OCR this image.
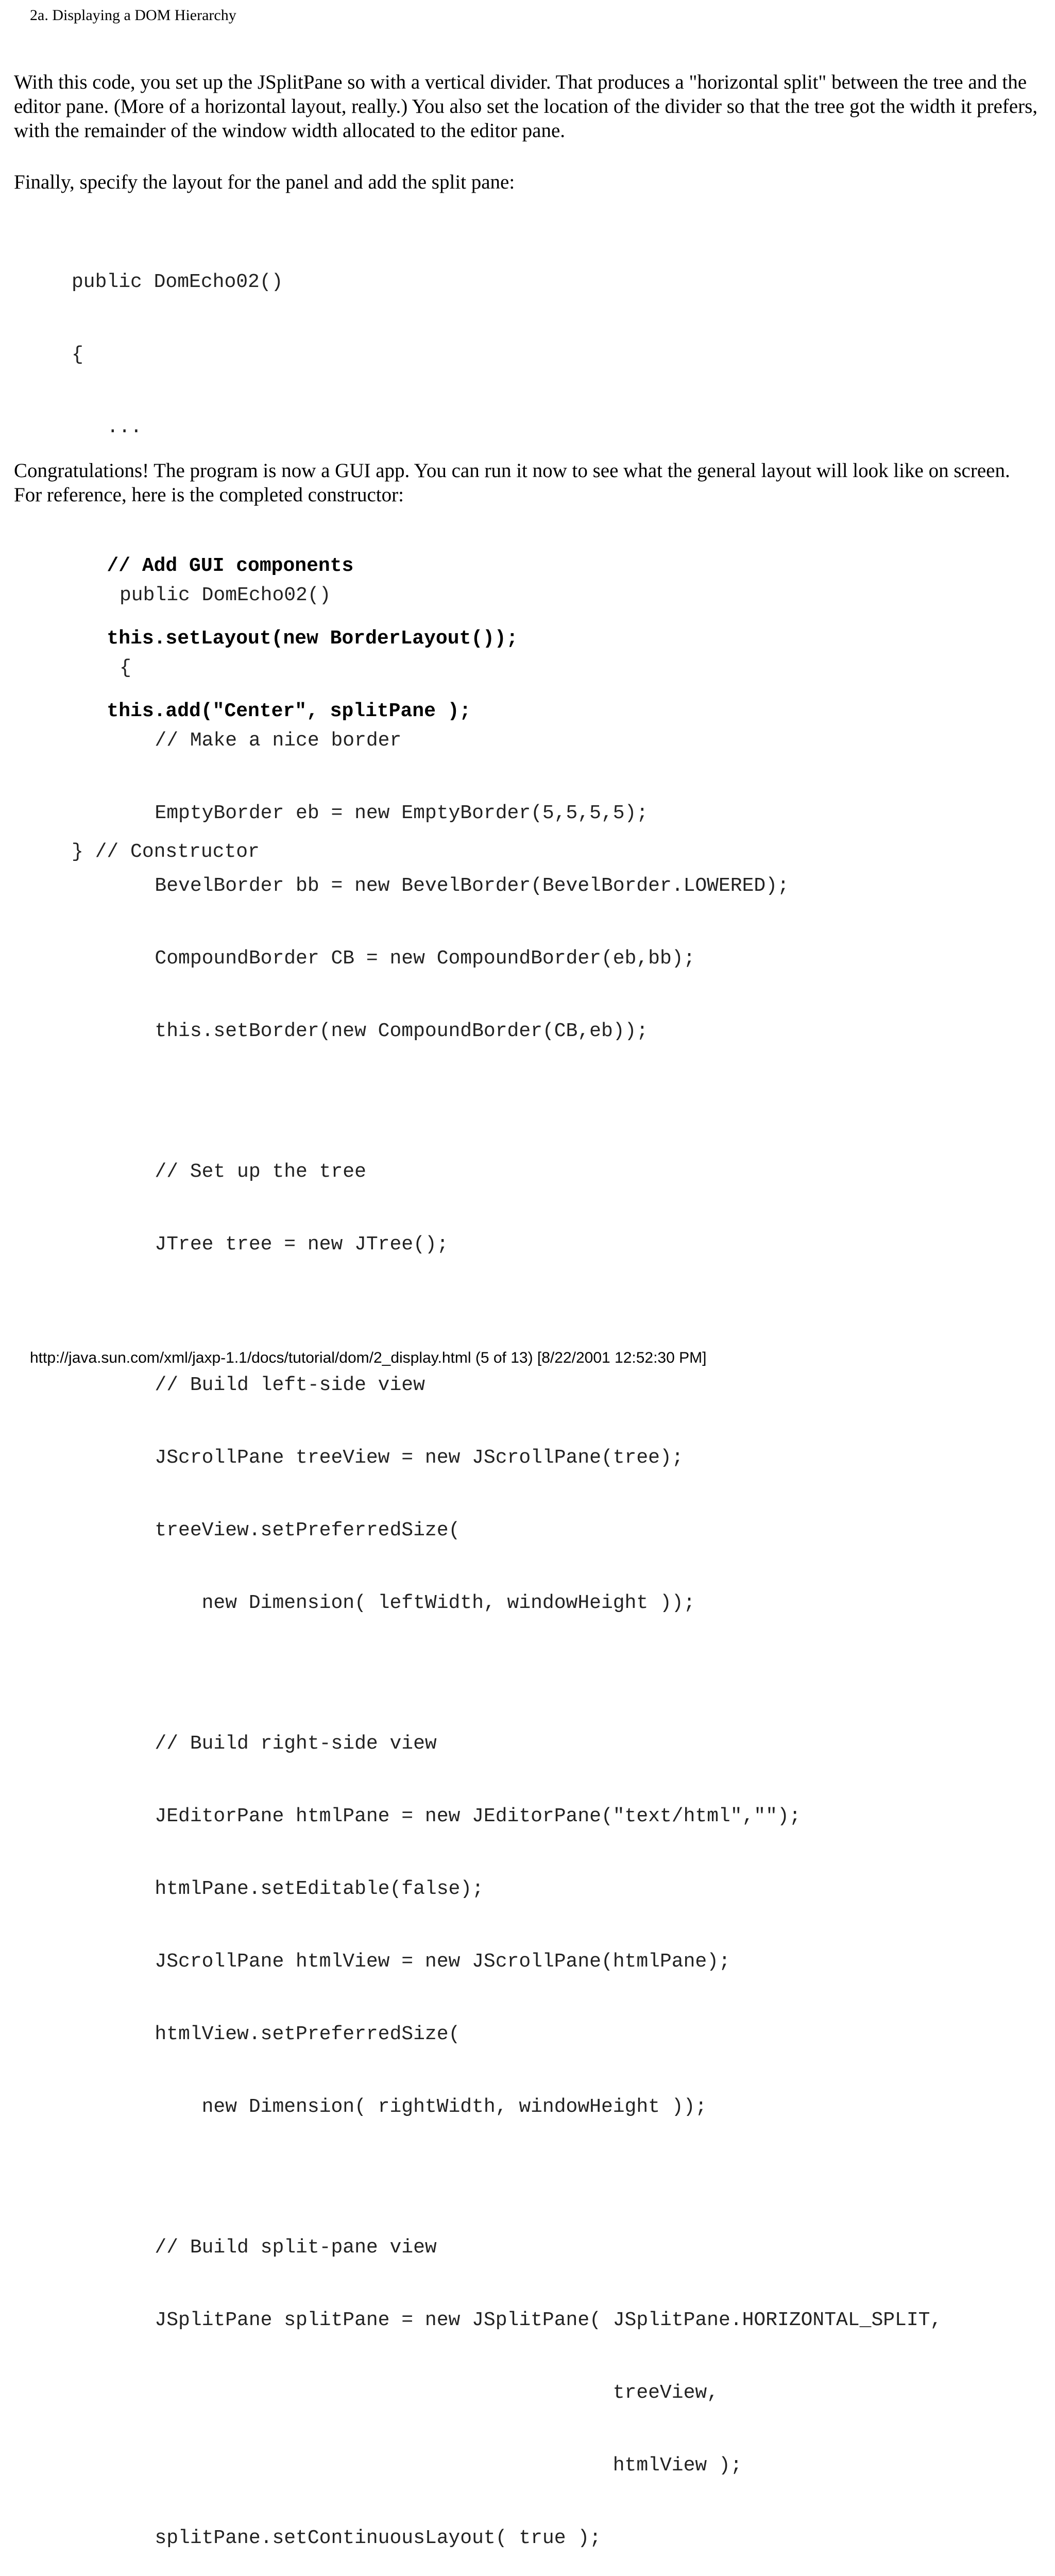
2a. Displaying a DOM Hierarchy

With this code, you set up the JSplitPane so with a vertical divider. That produces a "horizontal split" between the tree and the editor pane. (More of a horizontal layout, really.) You also set the location of the divider so that the tree got the width it prefers, with the remainder of the window width allocated to the editor pane.

Finally, specify the layout for the panel and add the split pane:

public DomEcho02()

{

...

// Add GUI components

this.setLayout(new BorderLayout());

this.add("Center", splitPane );

} // Constructor

Congratulations! The program is now a GUI app. You can run it now to see what the general layout will look like on screen. For reference, here is the completed constructor:

public DomEcho02()

{

// Make a nice border

EmptyBorder eb = new EmptyBorder(5,5,5,5);

BevelBorder bb = new BevelBorder(BevelBorder.LOWERED);

CompoundBorder CB = new CompoundBorder(eb,bb);

this.setBorder(new CompoundBorder(CB,eb));

// Set up the tree

JTree tree = new JTree();

// Build left-side view

JScrollPane treeView = new JScrollPane(tree);

treeView.setPreferredSize(

new Dimension( leftWidth, windowHeight ));

// Build right-side view

JEditorPane htmlPane = new JEditorPane("text/html","");

htmlPane.setEditable(false);

JScrollPane htmlView = new JScrollPane(htmlPane);

htmlView.setPreferredSize(

new Dimension( rightWidth, windowHeight ));

// Build split-pane view

JSplitPane splitPane = new JSplitPane( JSplitPane.HORIZONTAL_SPLIT,

treeView,

htmlView );

splitPane.setContinuousLayout( true );

http://java.sun.com/xml/jaxp-1.1/docs/tutorial/dom/2_display.html (5 of 13) [8/22/2001 12:52:30 PM]
